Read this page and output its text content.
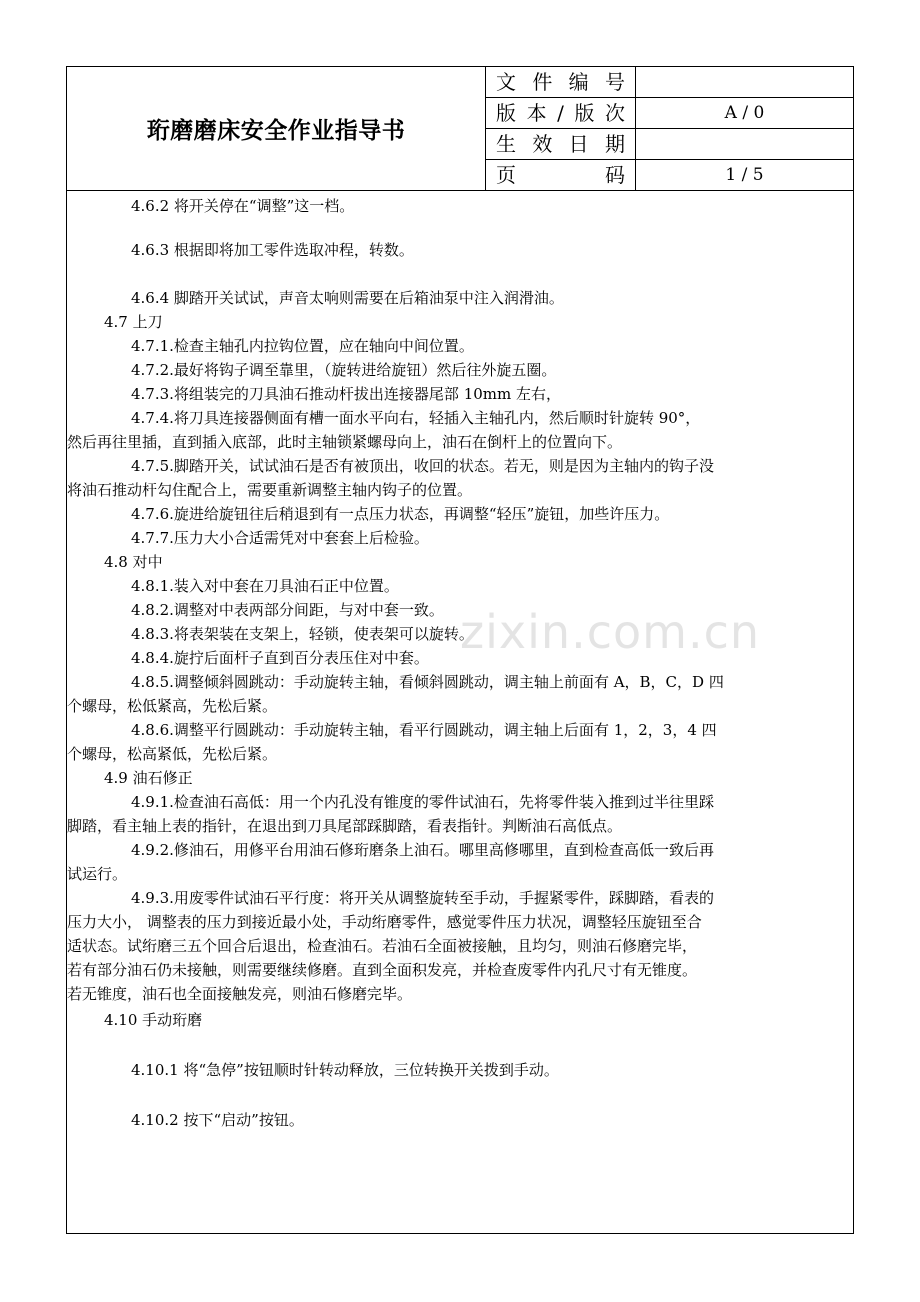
珩磨磨床安全作业指导书
文 件 编 号
版 本 / 版 次	A / 0
生 效 日 期
页	码	1 / 5
4.6.2 将开关停在“调整”这一档。
4.6.3 根据即将加工零件选取冲程，转数。
4.6.4 脚踏开关试试，声音太响则需要在后箱油泵中注入润滑油。
4.7 上刀
4.7.1.检查主轴孔内拉钩位置，应在轴向中间位置。
4.7.2.最好将钩子调至靠里，（旋转进给旋钮）然后往外旋五圈。
4.7.3.将组装完的刀具油石推动杆拔出连接器尾部 10mm 左右，
4.7.4.将刀具连接器侧面有槽一面水平向右，轻插入主轴孔内，然后顺时针旋转 90°，
然后再往里插，直到插入底部，此时主轴锁紧螺母向上，油石在倒杆上的位置向下。
4.7.5.脚踏开关，试试油石是否有被顶出，收回的状态。若无，则是因为主轴内的钩子没
将油石推动杆勾住配合上，需要重新调整主轴内钩子的位置。
4.7.6.旋进给旋钮往后稍退到有一点压力状态，再调整“轻压”旋钮，加些许压力。
4.7.7.压力大小合适需凭对中套套上后检验。
4.8 对中
4.8.1.装入对中套在刀具油石正中位置。
4.8.2.调整对中表两部分间距，与对中套一致。
4.8.3.将表架装在支架上，轻锁，使表架可以旋转。
4.8.4.旋拧后面杆子直到百分表压住对中套。
4.8.5.调整倾斜圆跳动：手动旋转主轴，看倾斜圆跳动，调主轴上前面有 A，B，C，D 四
个螺母，松低紧高，先松后紧。
4.8.6.调整平行圆跳动：手动旋转主轴，看平行圆跳动，调主轴上后面有 1，2，3，4 四
个螺母，松高紧低，先松后紧。
4.9 油石修正
4.9.1.检查油石高低：用一个内孔没有锥度的零件试油石，先将零件装入推到过半往里踩
脚踏，看主轴上表的指针，在退出到刀具尾部踩脚踏，看表指针。判断油石高低点。
4.9.2.修油石，用修平台用油石修珩磨条上油石。哪里高修哪里，直到检查高低一致后再
试运行。
4.9.3.用废零件试油石平行度：将开关从调整旋转至手动，手握紧零件，踩脚踏，看表的
压力大小， 调整表的压力到接近最小处，手动绗磨零件，感觉零件压力状况，调整轻压旋钮至合
适状态。试绗磨三五个回合后退出，检查油石。若油石全面被接触，且均匀，则油石修磨完毕，
若有部分油石仍未接触，则需要继续修磨。直到全面积发亮，并检查废零件内孔尺寸有无锥度。
若无锥度，油石也全面接触发亮，则油石修磨完毕。
4.10 手动珩磨
4.10.1 将“急停”按钮顺时针转动释放，三位转换开关拨到手动。
4.10.2 按下“启动”按钮。
zixin.com.cn
